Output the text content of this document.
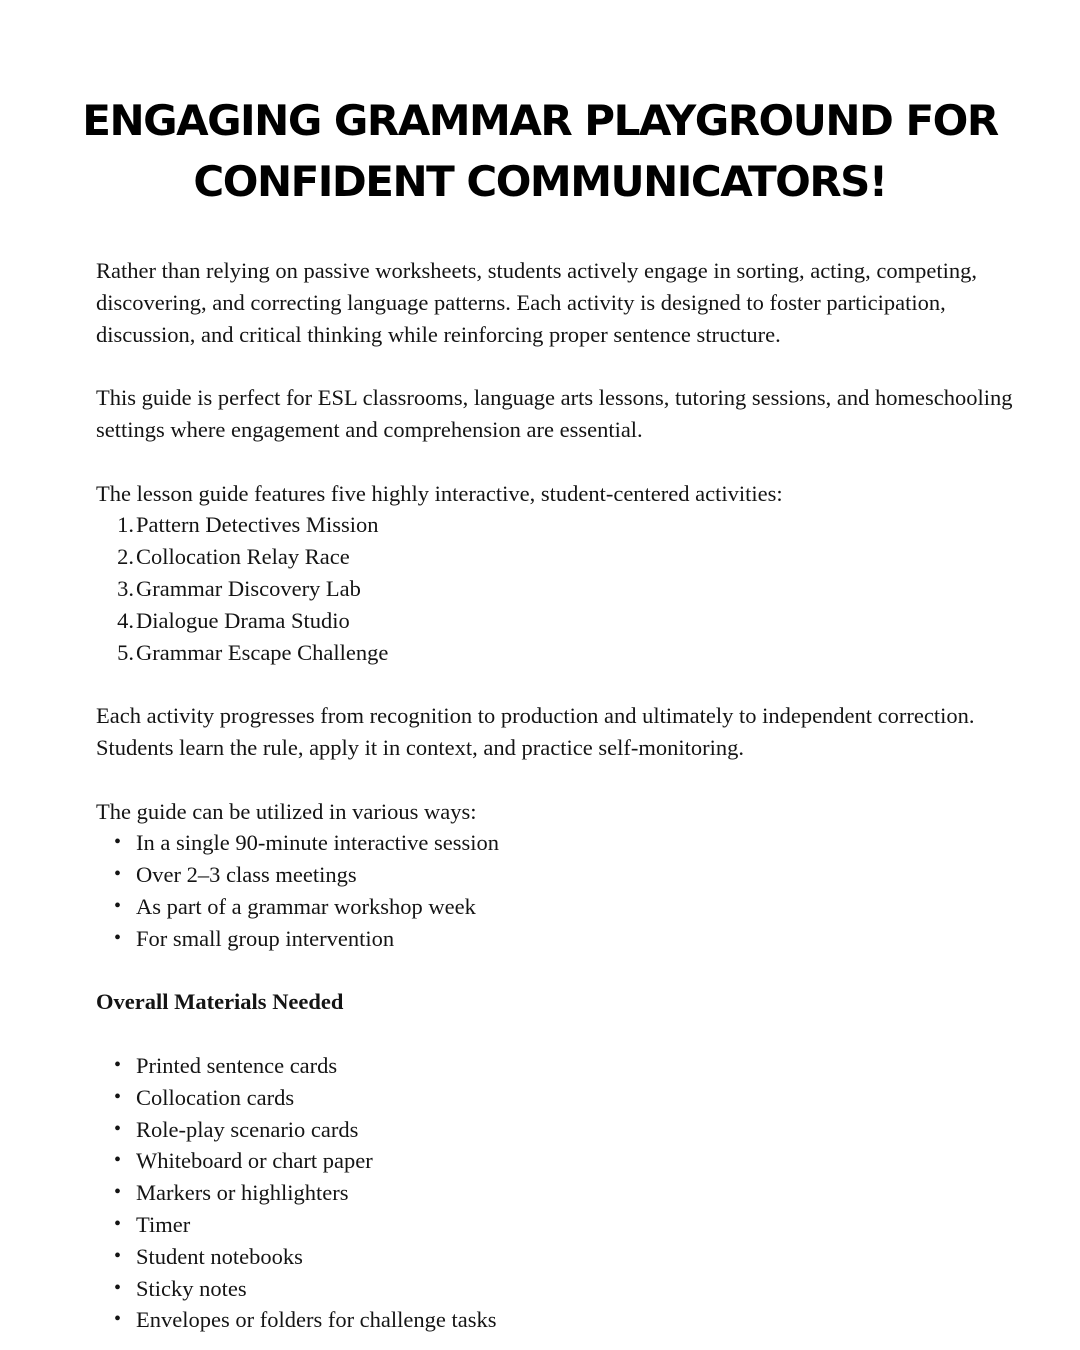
ENGAGING GRAMMAR PLAYGROUND FOR
CONFIDENT COMMUNICATORS!

Rather than relying on passive worksheets, students actively engage in sorting, acting, competing, discovering, and correcting language patterns. Each activity is designed to foster participation, discussion, and critical thinking while reinforcing proper sentence structure.

This guide is perfect for ESL classrooms, language arts lessons, tutoring sessions, and homeschooling settings where engagement and comprehension are essential.

The lesson guide features five highly interactive, student-centered activities:

1. Pattern Detectives Mission
2. Collocation Relay Race
3. Grammar Discovery Lab
4. Dialogue Drama Studio
5. Grammar Escape Challenge

Each activity progresses from recognition to production and ultimately to independent correction. Students learn the rule, apply it in context, and practice self-monitoring.

The guide can be utilized in various ways:

• In a single 90-minute interactive session
• Over 2–3 class meetings
• As part of a grammar workshop week
• For small group intervention

Overall Materials Needed

• Printed sentence cards
• Collocation cards
• Role-play scenario cards
• Whiteboard or chart paper
• Markers or highlighters
• Timer
• Student notebooks
• Sticky notes
• Envelopes or folders for challenge tasks
